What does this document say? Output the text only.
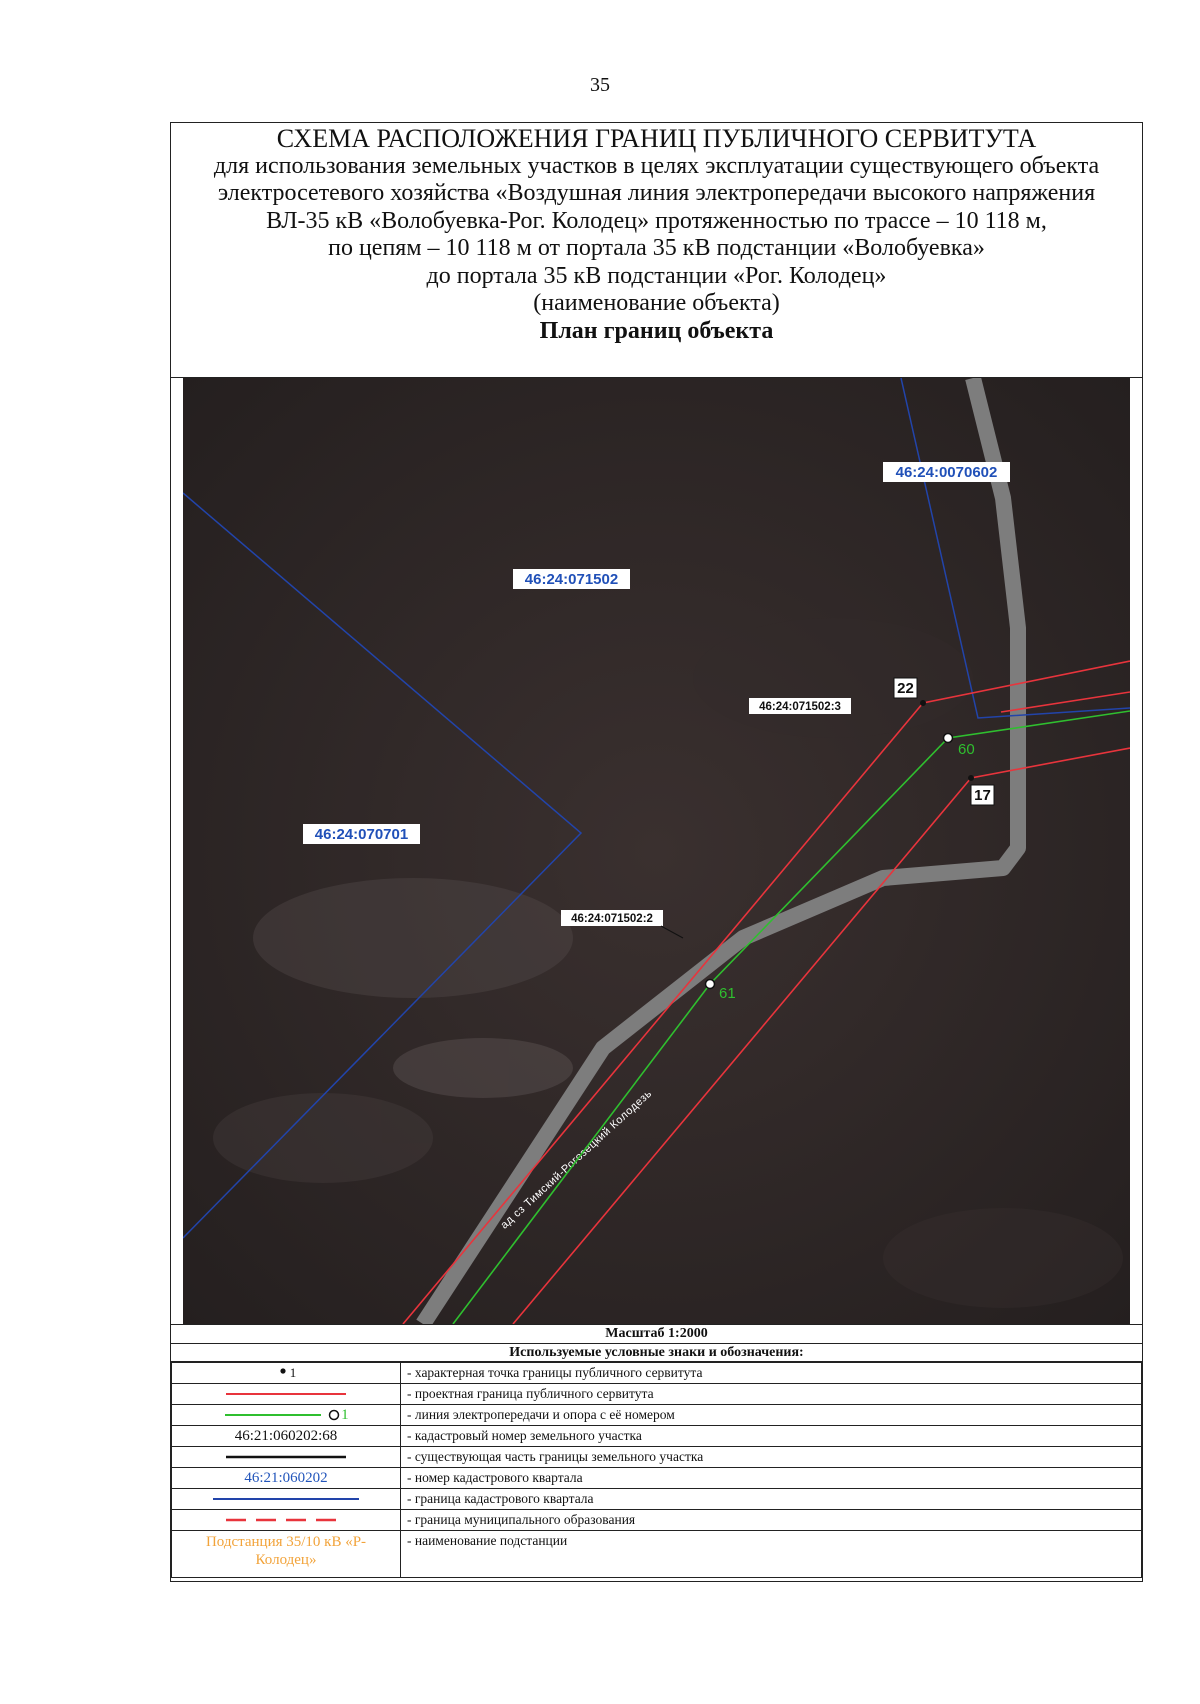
35
СХЕМА РАСПОЛОЖЕНИЯ ГРАНИЦ ПУБЛИЧНОГО СЕРВИТУТА
для использования земельных участков в целях эксплуатации существующего объекта
электросетевого хозяйства «Воздушная линия электропередачи высокого напряжения
ВЛ-35 кВ «Волобуевка-Рог. Колодец» протяженностью по трассе – 10 118 м,
по цепям – 10 118 м от портала 35 кВ подстанции «Волобуевка»
до портала 35 кВ подстанции «Рог. Колодец»
(наименование объекта)
План границ объекта
ад сз Тимский-Рогозецкий Колодезь
22
17
60
61
46:24:0070602
46:24:071502
46:24:070701
46:24:071502:3
46:24:071502:2
Масштаб 1:2000
Используемые условные знаки и обозначения:
1	- характерная точка границы публичного сервитута
	- проектная граница публичного сервитута
1	- линия электропередачи и опора с её номером
46:21:060202:68	- кадастровый номер земельного участка
	- существующая часть границы земельного участка
46:21:060202	- номер кадастрового квартала
	- граница кадастрового квартала
	- граница муниципального образования
Подстанция 35/10 кВ «Р-Колодец»	- наименование подстанции
